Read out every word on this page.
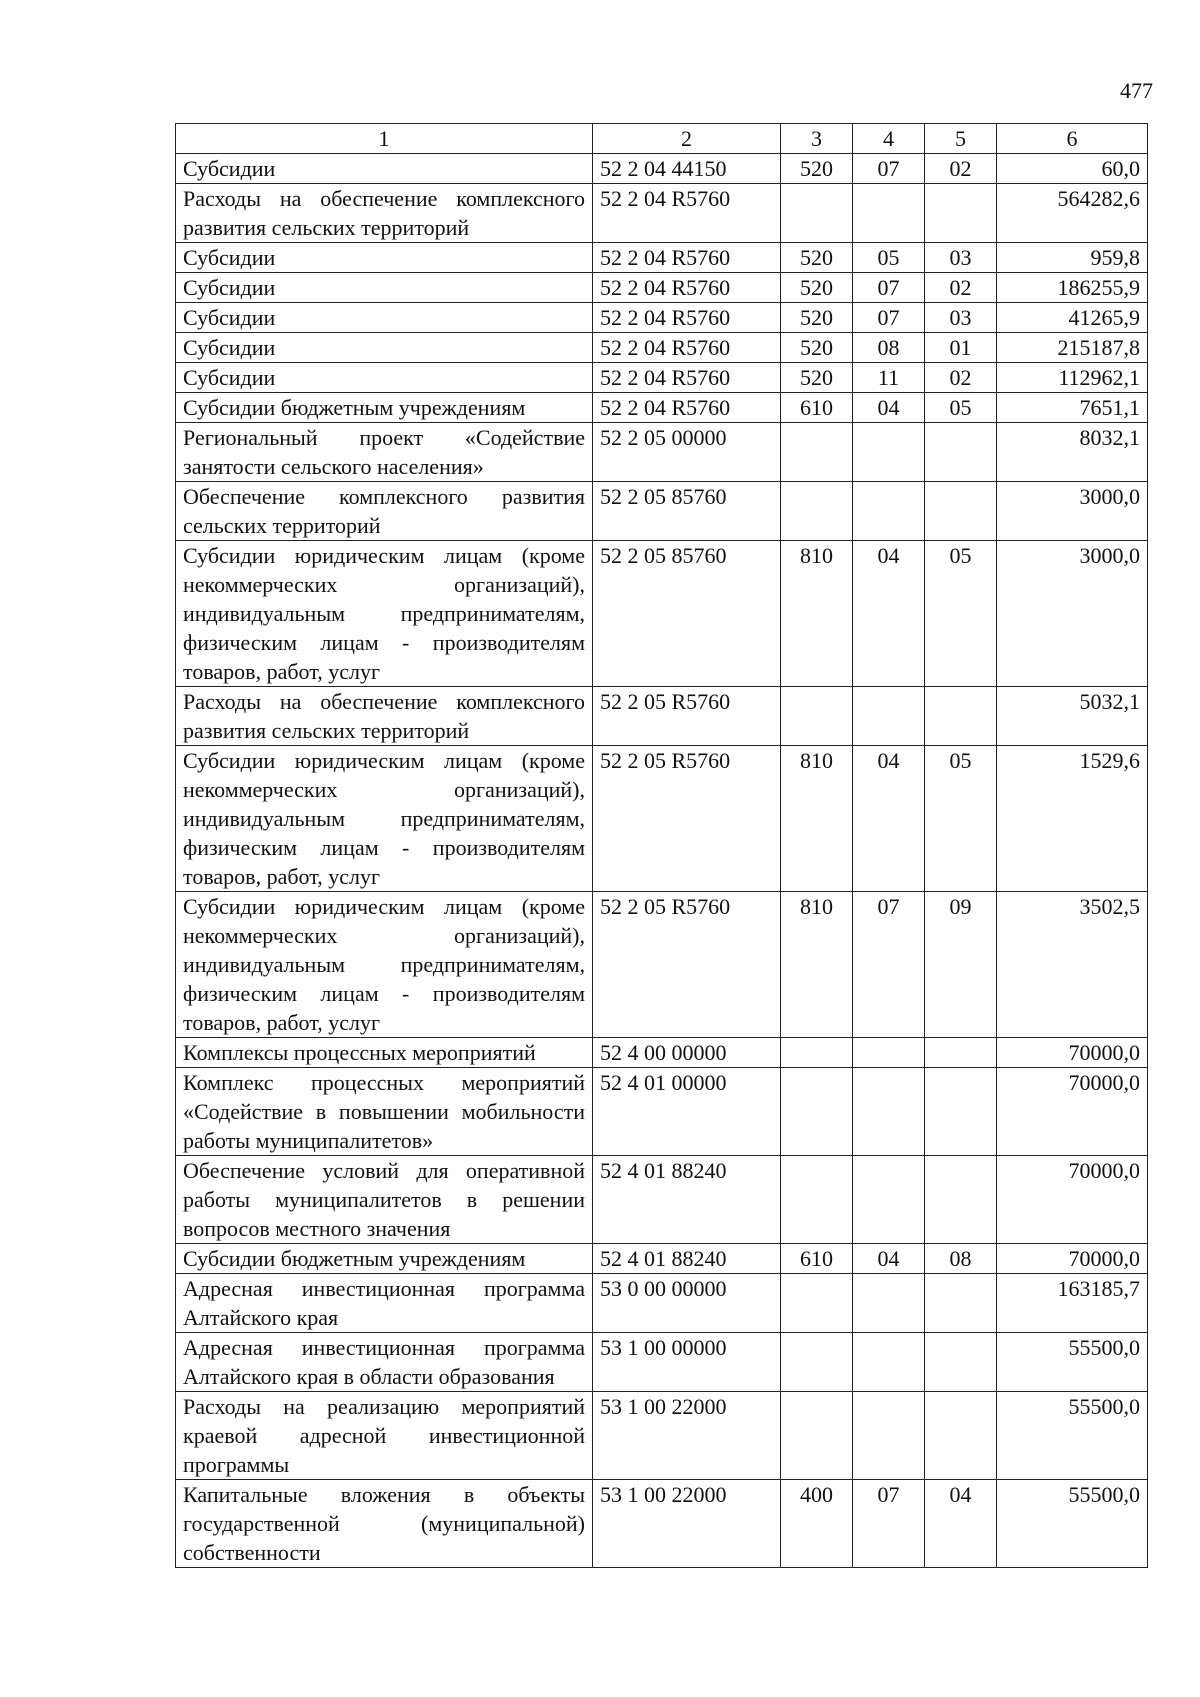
477
1	2	3	4	5	6
Субсидии	52 2 04 44150	520	07	02	60,0
Расходы на обеспечение комплексного развития сельских территорий	52 2 04 R5760				564282,6
Субсидии	52 2 04 R5760	520	05	03	959,8
Субсидии	52 2 04 R5760	520	07	02	186255,9
Субсидии	52 2 04 R5760	520	07	03	41265,9
Субсидии	52 2 04 R5760	520	08	01	215187,8
Субсидии	52 2 04 R5760	520	11	02	112962,1
Субсидии бюджетным учреждениям	52 2 04 R5760	610	04	05	7651,1
Региональный проект «Содействие занятости сельского населения»	52 2 05 00000				8032,1
Обеспечение комплексного развития сельских территорий	52 2 05 85760				3000,0
Субсидии юридическим лицам (кроме некоммерческих организаций), индивидуальным предпринимателям, физическим лицам - производителям товаров, работ, услуг	52 2 05 85760	810	04	05	3000,0
Расходы на обеспечение комплексного развития сельских территорий	52 2 05 R5760				5032,1
Субсидии юридическим лицам (кроме некоммерческих организаций), индивидуальным предпринимателям, физическим лицам - производителям товаров, работ, услуг	52 2 05 R5760	810	04	05	1529,6
Субсидии юридическим лицам (кроме некоммерческих организаций), индивидуальным предпринимателям, физическим лицам - производителям товаров, работ, услуг	52 2 05 R5760	810	07	09	3502,5
Комплексы процессных мероприятий	52 4 00 00000				70000,0
Комплекс процессных мероприятий «Содействие в повышении мобильности работы муниципалитетов»	52 4 01 00000				70000,0
Обеспечение условий для оперативной работы муниципалитетов в решении вопросов местного значения	52 4 01 88240				70000,0
Субсидии бюджетным учреждениям	52 4 01 88240	610	04	08	70000,0
Адресная инвестиционная программа Алтайского края	53 0 00 00000				163185,7
Адресная инвестиционная программа Алтайского края в области образования	53 1 00 00000				55500,0
Расходы на реализацию мероприятий краевой адресной инвестиционной программы	53 1 00 22000				55500,0
Капитальные вложения в объекты государственной (муниципальной) собственности	53 1 00 22000	400	07	04	55500,0
